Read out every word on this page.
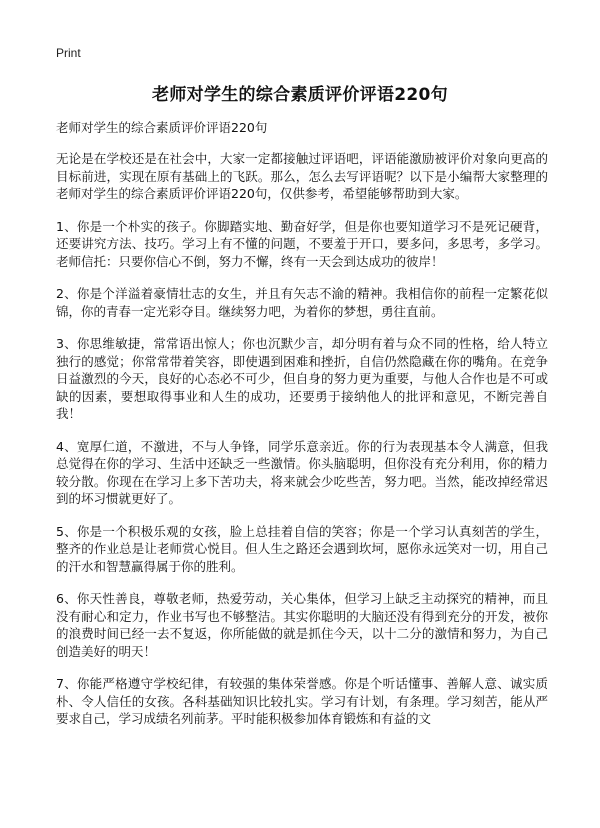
Print
老师对学生的综合素质评价评语220句

老师对学生的综合素质评价评语220句

无论是在学校还是在社会中，大家一定都接触过评语吧，评语能激励被评价对象向更高的目标前进，实现在原有基础上的飞跃。那么，怎么去写评语呢？以下是小编帮大家整理的老师对学生的综合素质评价评语220句，仅供参考，希望能够帮助到大家。

1、你是一个朴实的孩子。你脚踏实地、勤奋好学，但是你也要知道学习不是死记硬背，还要讲究方法、技巧。学习上有不懂的问题，不要羞于开口，要多问，多思考，多学习。老师信托：只要你信心不倒，努力不懈，终有一天会到达成功的彼岸！

2、你是个洋溢着豪情壮志的女生，并且有矢志不渝的精神。我相信你的前程一定繁花似锦，你的青春一定光彩夺目。继续努力吧，为着你的梦想，勇往直前。

3、你思维敏捷，常常语出惊人；你也沉默少言，却分明有着与众不同的性格，给人特立独行的感觉；你常常带着笑容，即使遇到困难和挫折，自信仍然隐藏在你的嘴角。在竞争日益激烈的今天，良好的心态必不可少，但自身的努力更为重要，与他人合作也是不可或缺的因素，要想取得事业和人生的成功，还要勇于接纳他人的批评和意见，不断完善自我！

4、宽厚仁道，不激进，不与人争锋，同学乐意亲近。你的行为表现基本令人满意，但我总觉得在你的学习、生活中还缺乏一些激情。你头脑聪明，但你没有充分利用，你的精力较分散。你现在在学习上多下苦功夫，将来就会少吃些苦，努力吧。当然，能改掉经常迟到的坏习惯就更好了。

5、你是一个积极乐观的女孩，脸上总挂着自信的笑容；你是一个学习认真刻苦的学生，整齐的作业总是让老师赏心悦目。但人生之路还会遇到坎坷，愿你永远笑对一切，用自己的汗水和智慧赢得属于你的胜利。

6、你天性善良，尊敬老师，热爱劳动，关心集体，但学习上缺乏主动探究的精神，而且没有耐心和定力，作业书写也不够整洁。其实你聪明的大脑还没有得到充分的开发，被你的浪费时间已经一去不复返，你所能做的就是抓住今天，以十二分的激情和努力，为自己创造美好的明天！

7、你能严格遵守学校纪律，有较强的集体荣誉感。你是个听话懂事、善解人意、诚实质朴、令人信任的女孩。各科基础知识比较扎实。学习有计划，有条理。学习刻苦，能从严要求自己，学习成绩名列前茅。平时能积极参加体育锻炼和有益的文
